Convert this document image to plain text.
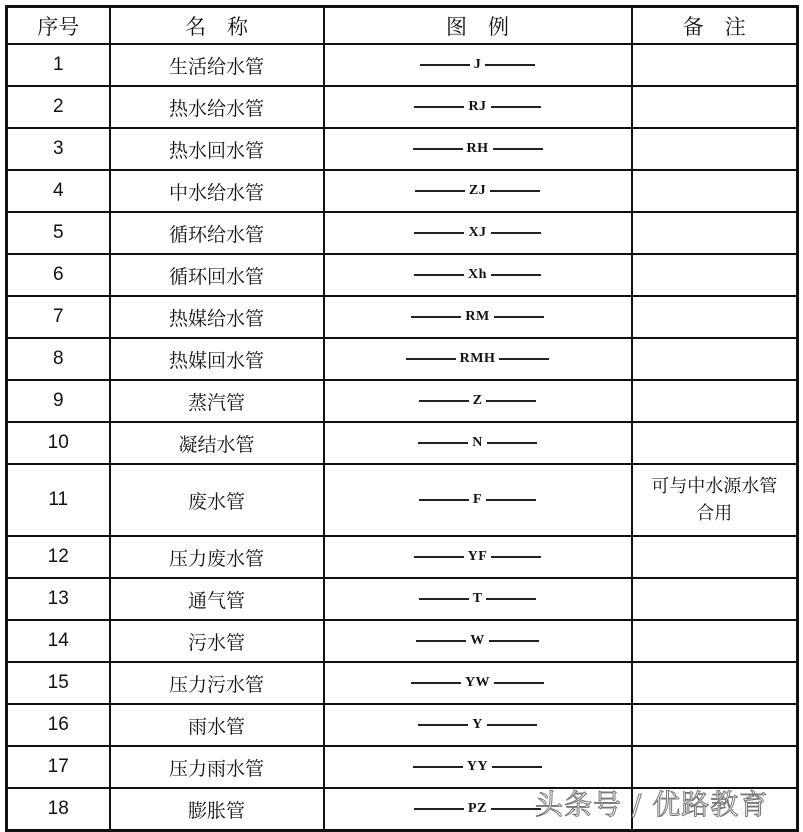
序号	名　称	图　例	备　注
1	生活给水管	J	

2	热水给水管	RJ	

3	热水回水管	RH	

4	中水给水管	ZJ	

5	循环给水管	XJ	

6	循环回水管	Xh	

7	热媒给水管	RM	

8	热媒回水管	RMH	

9	蒸汽管	Z	

10	凝结水管	N	

11	废水管	F	可与中水源水管合用

12	压力废水管	YF	

13	通气管	T	

14	污水管	W	

15	压力污水管	YW	

16	雨水管	Y	

17	压力雨水管	YY	

18	膨胀管	PZ	
	头条号 / 优路教育
